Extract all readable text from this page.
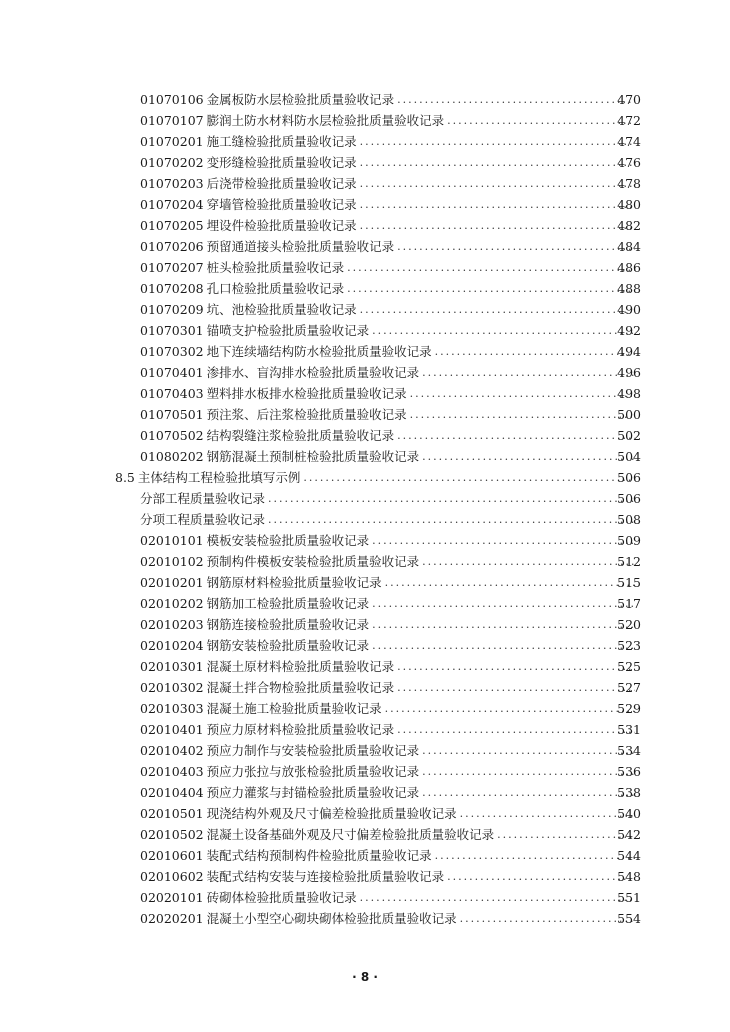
01070106 金属板防水层检验批质量验收记录 .....	470
01070107 膨润土防水材料防水层检验批质量验收记录 .....	472
01070201 施工缝检验批质量验收记录 .....	474
01070202 变形缝检验批质量验收记录 .....	476
01070203 后浇带检验批质量验收记录 .....	478
01070204 穿墙管检验批质量验收记录 .....	480
01070205 埋设件检验批质量验收记录 .....	482
01070206 预留通道接头检验批质量验收记录 .....	484
01070207 桩头检验批质量验收记录 .....	486
01070208 孔口检验批质量验收记录 .....	488
01070209 坑、池检验批质量验收记录 .....	490
01070301 锚喷支护检验批质量验收记录 .....	492
01070302 地下连续墙结构防水检验批质量验收记录 .....	494
01070401 渗排水、盲沟排水检验批质量验收记录 .....	496
01070403 塑料排水板排水检验批质量验收记录 .....	498
01070501 预注浆、后注浆检验批质量验收记录 .....	500
01070502 结构裂缝注浆检验批质量验收记录 .....	502
01080202 钢筋混凝土预制桩检验批质量验收记录 .....	504
8.5 主体结构工程检验批填写示例 .....	506
分部工程质量验收记录 .....	506
分项工程质量验收记录 .....	508
02010101 模板安装检验批质量验收记录 .....	509
02010102 预制构件模板安装检验批质量验收记录 .....	512
02010201 钢筋原材料检验批质量验收记录 .....	515
02010202 钢筋加工检验批质量验收记录 .....	517
02010203 钢筋连接检验批质量验收记录 .....	520
02010204 钢筋安装检验批质量验收记录 .....	523
02010301 混凝土原材料检验批质量验收记录 .....	525
02010302 混凝土拌合物检验批质量验收记录 .....	527
02010303 混凝土施工检验批质量验收记录 .....	529
02010401 预应力原材料检验批质量验收记录 .....	531
02010402 预应力制作与安装检验批质量验收记录 .....	534
02010403 预应力张拉与放张检验批质量验收记录 .....	536
02010404 预应力灌浆与封锚检验批质量验收记录 .....	538
02010501 现浇结构外观及尺寸偏差检验批质量验收记录 .....	540
02010502 混凝土设备基础外观及尺寸偏差检验批质量验收记录 .....	542
02010601 装配式结构预制构件检验批质量验收记录 .....	544
02010602 装配式结构安装与连接检验批质量验收记录 .....	548
02020101 砖砌体检验批质量验收记录 .....	551
02020201 混凝土小型空心砌块砌体检验批质量验收记录 .....	554
· 8 ·
